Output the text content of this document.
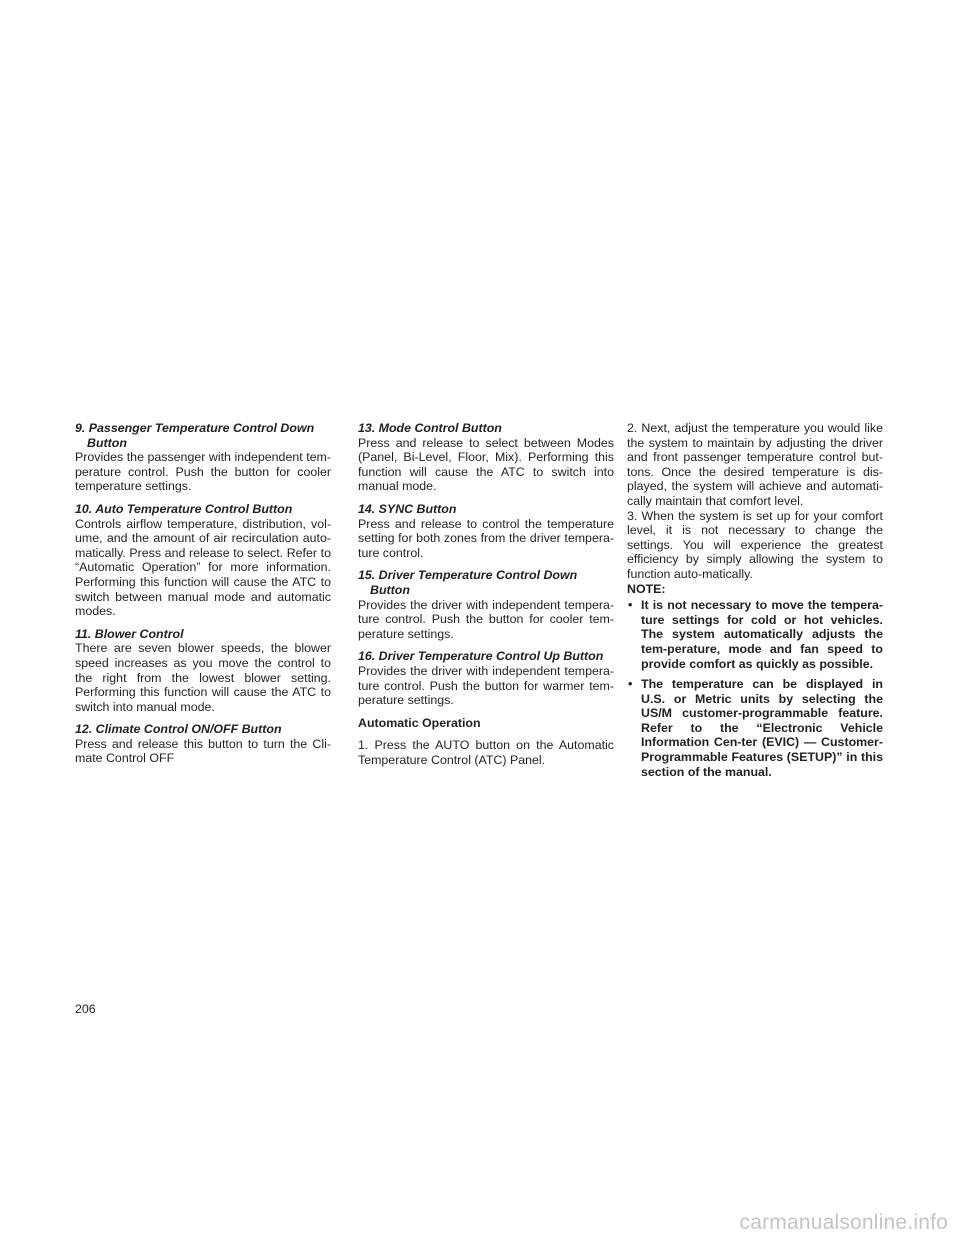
9. Passenger Temperature Control Down
Button

Provides the passenger with independent tem-perature control. Push the button for cooler temperature settings.

10. Auto Temperature Control Button

Controls airflow temperature, distribution, vol-ume, and the amount of air recirculation auto-matically. Press and release to select. Refer to “Automatic Operation” for more information. Performing this function will cause the ATC to switch between manual mode and automatic modes.

11. Blower Control

There are seven blower speeds, the blower speed increases as you move the control to the right from the lowest blower setting. Performing this function will cause the ATC to switch into manual mode.

12. Climate Control ON/OFF Button

Press and release this button to turn the Cli-mate Control OFF

13. Mode Control Button

Press and release to select between Modes (Panel, Bi-Level, Floor, Mix). Performing this function will cause the ATC to switch into manual mode.

14. SYNC Button

Press and release to control the temperature setting for both zones from the driver tempera-ture control.

15. Driver Temperature Control Down
Button

Provides the driver with independent tempera-ture control. Push the button for cooler tem-perature settings.

16. Driver Temperature Control Up Button

Provides the driver with independent tempera-ture control. Push the button for warmer tem-perature settings.

Automatic Operation

1. Press the AUTO button on the Automatic Temperature Control (ATC) Panel.

2. Next, adjust the temperature you would like the system to maintain by adjusting the driver and front passenger temperature control but-tons. Once the desired temperature is dis-played, the system will achieve and automati-cally maintain that comfort level.

3. When the system is set up for your comfort level, it is not necessary to change the settings. You will experience the greatest efficiency by simply allowing the system to function auto-matically.

NOTE:

• It is not necessary to move the tempera-ture settings for cold or hot vehicles. The system automatically adjusts the tem-perature, mode and fan speed to provide comfort as quickly as possible.
• The temperature can be displayed in U.S. or Metric units by selecting the US/M customer-programmable feature. Refer to the “Electronic Vehicle Information Cen-ter (EVIC) — Customer-Programmable Features (SETUP)” in this section of the manual.
206
carmanualsonline.info
